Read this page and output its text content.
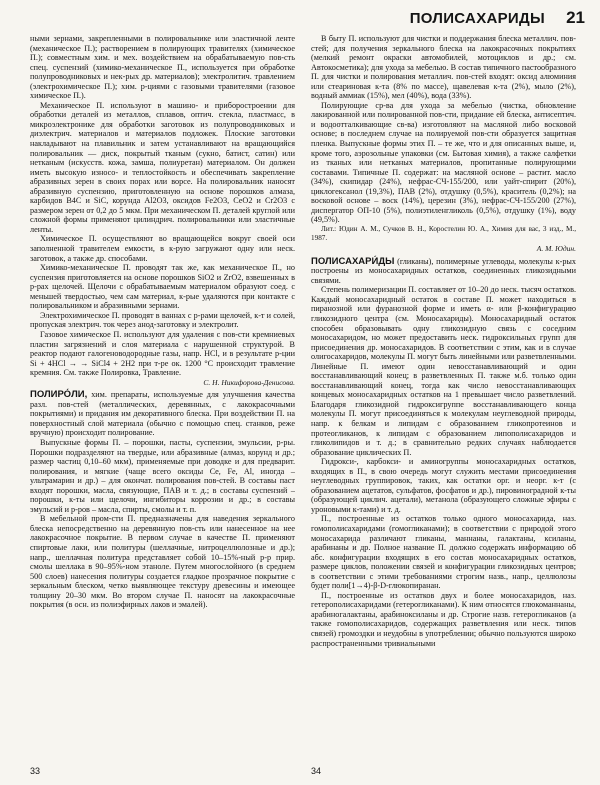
ПОЛИСАХАРИДЫ 21

ными зернами, закрепленными в полировальнике или эластичной ленте (механическое П.); растворением в полирующих травителях (химическое П.); совместным хим. и мех. воздействием на обрабатываемую пов-сть спец. суспензий (химико-механическое П., используется при обработке полупроводниковых и нек-рых др. материалов); электролитич. травлением (электрохимическое П.); хим. р-циями с газовыми травителями (газовое химическое П.).

Механическое П. используют в машино- и приборостроении для обработки деталей из металлов, сплавов, оптич. стекла, пластмасс, в микроэлектронике для обработки заготовок из полупроводниковых и диэлектрич. материалов и материалов подложек. Плоские заготовки накладывают на плавильник и затем устанавливают на вращающийся полировальник — диск, покрытый тканым (сукно, батист, сатин) или нетканым (искусств. кожа, замша, полиуретан) материалом. Он должен иметь высокую износо- и теплостойкость и обеспечивать закрепление абразивных зерен в своих порах или ворсе. На полировальник наносят абразивную суспензию, приготовленную на основе порошков алмаза, карбидов B4C и SiC, корунда Al2O3, оксидов Fe2O3, CeO2 и Cr2O3 с размером зерен от 0,2 до 5 мкм. При механическом П. деталей круглой или сложной формы применяют цилиндрич. полировальники или эластичные ленты.

Химическое П. осуществляют во вращающейся вокруг своей оси заполненной травителем емкости, в к-рую загружают одну или неск. заготовок, а также др. способами.

Химико-механическое П. проводят так же, как механическое П., но суспензия приготовляется на основе порошков SiO2 и ZrO2, взвешенных в р-рах щелочей. Щелочи с обрабатываемым материалом образуют соед. с меньшей твердостью, чем сам материал, к-рые удаляются при контакте с полировальником и абразивными зернами.

Электрохимическое П. проводят в ваннах с р-рами щелочей, к-т и солей, пропуская электрич. ток через анод-заготовку и электролит.

Газовое химическое П. используют для удаления с пов-сти кремниевых пластин загрязнений и слоя материала с нарушенной структурой. В реактор подают галогеноводородные газы, напр. HCl, и в результате р-ции Si + 4HCl → → SiCl4 + 2H2 при т-ре ок. 1200 °С происходит травление кремния. См. также Полировка, Травление.

С. Н. Никифорова-Денисова.

ПОЛИРО́ЛИ, хим. препараты, используемые для улучшения качества разл. пов-стей (металлических, деревянных, с лакокрасочными покрытиями) и придания им декоративного блеска. При воздействии П. на поверхностный слой материала (обычно с помощью спец. станков, реже вручную) происходит полирование.

Выпускные формы П. – порошки, пасты, суспензии, эмульсии, р-ры. Порошки подразделяют на твердые, или абразивные (алмаз, корунд и др.; размер частиц 0,10–60 мкм), применяемые при доводке и для предварит. полирования, и мягкие (чаще всего оксиды Ce, Fe, Al, иногда – ультрамарин и др.) – для окончат. полирования пов-стей. В составы паст входят порошки, масла, связующие, ПАВ и т. д.; в составы суспензий – порошки, к-ты или щелочи, ингибиторы коррозии и др.; в составы эмульсий и р-ров – масла, спирты, смолы и т. п.

В мебельной пром-сти П. предназначены для наведения зеркального блеска непосредственно на деревянную пов-сть или нанесенное на нее лакокрасочное покрытие. В первом случае в качестве П. применяют спиртовые лаки, или политуры (шеллачные, нитроцеллюлозные и др.); напр., шеллачная политура представляет собой 10–15%-ный р-р прир. смолы шеллака в 90–95%-ном этаноле. Путем многослойного (в среднем 500 слоев) нанесения политуры создается гладкое прозрачное покрытие с зеркальным блеском, четко выявляющее текстуру древесины и имеющее толщину 20–30 мкм. Во втором случае П. наносят на лакокрасочные покрытия (в осн. из полиэфирных лаков и эмалей).

В быту П. используют для чистки и поддержания блеска металлич. пов-стей; для получения зеркального блеска на лакокрасочных покрытиях (мелкий ремонт окраски автомобилей, мотоциклов и др.; см. Автокосметика); для ухода за мебелью. В состав типичного пастообразного П. для чистки и полирования металлич. пов-стей входят: оксид алюминия или стеариновая к-та (8% по массе), щавелевая к-та (2%), мыло (2%), водный аммиак (15%), мел (40%), вода (33%).

Полирующие ср-ва для ухода за мебелью (чистка, обновление лакированной или полированной пов-сти, придание ей блеска, антисептич. и водоотталкивающие св-ва) изготовляют на масляной либо восковой основе; в последнем случае на полируемой пов-сти образуется защитная пленка. Выпускные формы этих П. – те же, что и для описанных выше, и, кроме того, аэрозольные упаковки (см. Бытовая химия), а также салфетки из тканых или нетканых материалов, пропитанные полирующими составами. Типичные П. содержат: на масляной основе – растит. масло (34%), скипидар (24%), нефрас-СЧ-155/200, или уайт-спирит (20%), циклогексанол (19,3%), ПАВ (2%), отдушку (0,5%), краситель (0,2%); на восковой основе – воск (14%), церезин (3%), нефрас-СЧ-155/200 (27%), диспергатор ОП-10 (5%), полиэтиленгликоль (0,5%), отдушку (1%), воду (49,5%).

Лит.: Юдин А. М., Сучков В. Н., Коростелин Ю. А., Химия для вас, 3 изд., М., 1987.

А. М. Юдин.

ПОЛИСАХАРИ́ДЫ (гликаны), полимерные углеводы, молекулы к-рых построены из моносахаридных остатков, соединенных гликозидными связями.

Степень полимеризации П. составляет от 10–20 до неск. тысяч остатков. Каждый моносахаридный остаток в составе П. может находиться в пиранозной или фуранозной форме и иметь α- или β-конфигурацию гликозидного центра (см. Моносахариды). Моносахаридный остаток способен образовывать одну гликозидную связь с соседним моносахаридом, но может предоставить неск. гидроксильных групп для присоединения др. моносахаридов. В соответствии с этим, как и в случае олигосахаридов, молекулы П. могут быть линейными или разветвленными. Линейные П. имеют один невосстанавливающий и один восстанавливающий конец; в разветвленных П. также м.б. только один восстанавливающий конец, тогда как число невосстанавливающих концевых моносахаридных остатков на 1 превышает число разветвлений. Благодаря гликозидной гидроксигруппе восстанавливающего конца молекулы П. могут присоединяться к молекулам неуглеводной природы, напр. к белкам и липидам с образованием гликопротеинов и протеогликанов, к липидам с образованием липополисахаридов и гликолипидов и т. д.; в сравнительно редких случаях наблюдается образование циклических П.

Гидрокси-, карбокси- и аминогруппы моносахаридных остатков, входящих в П., в свою очередь могут служить местами присоединения неуглеводных группировок, таких, как остатки орг. и неорг. к-т (с образованием ацетатов, сульфатов, фосфатов и др.), пировиноградной к-ты (образующей циклич. ацетали), метанола (образующего сложные эфиры с уроновыми к-тами) и т. д.

П., построенные из остатков только одного моносахарида, наз. гомополисахаридами (гомогликанами); в соответствии с природой этого моносахарида различают гликаны, маннаны, галактаны, ксиланы, арабинаны и др. Полное название П. должно содержать информацию об абс. конфигурации входящих в его состав моносахаридных остатков, размере циклов, положении связей и конфигурации гликозидных центров; в соответствии с этими требованиями строгим назв., напр., целлюлозы будет поли[1→4)-β-D-глюкопиранан.

П., построенные из остатков двух и более моносахаридов, наз. гетерополисахаридами (гетерогликанами). К ним относятся глюкоманнаны, арабиногалактаны, арабиноксиланы и др. Строгие назв. гетерогликанов (а также гомополисахаридов, содержащих разветвления или неск. типов связей) громоздки и неудобны в употреблении; обычно пользуются широко распространенными тривиальными

33	34
